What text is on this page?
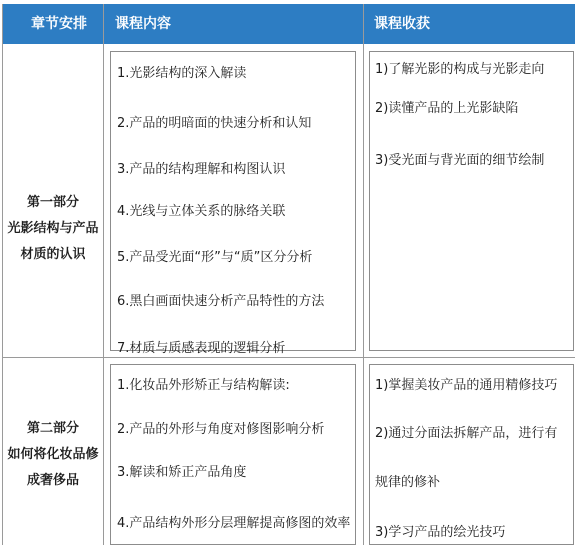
章节安排 课程内容	课程收获
第一部分
光影结构与产品
材质的认识
1.光影结构的深入解读
2.产品的明暗面的快速分析和认知
3.产品的结构理解和构图认识
4.光线与立体关系的脉络关联
5.产品受光面“形”与“质”区分分析
6.黑白画面快速分析产品特性的方法
7.材质与质感表现的逻辑分析
1)了解光影的构成与光影走向
2)读懂产品的上光影缺陷
3)受光面与背光面的细节绘制
第二部分
如何将化妆品修
成奢侈品
1.化妆品外形矫正与结构解读:
2.产品的外形与角度对修图影响分析
3.解读和矫正产品角度
4.产品结构外形分层理解提高修图的效率
1)掌握美妆产品的通用精修技巧
2)通过分面法拆解产品，进行有
规律的修补
3)学习产品的绘光技巧
